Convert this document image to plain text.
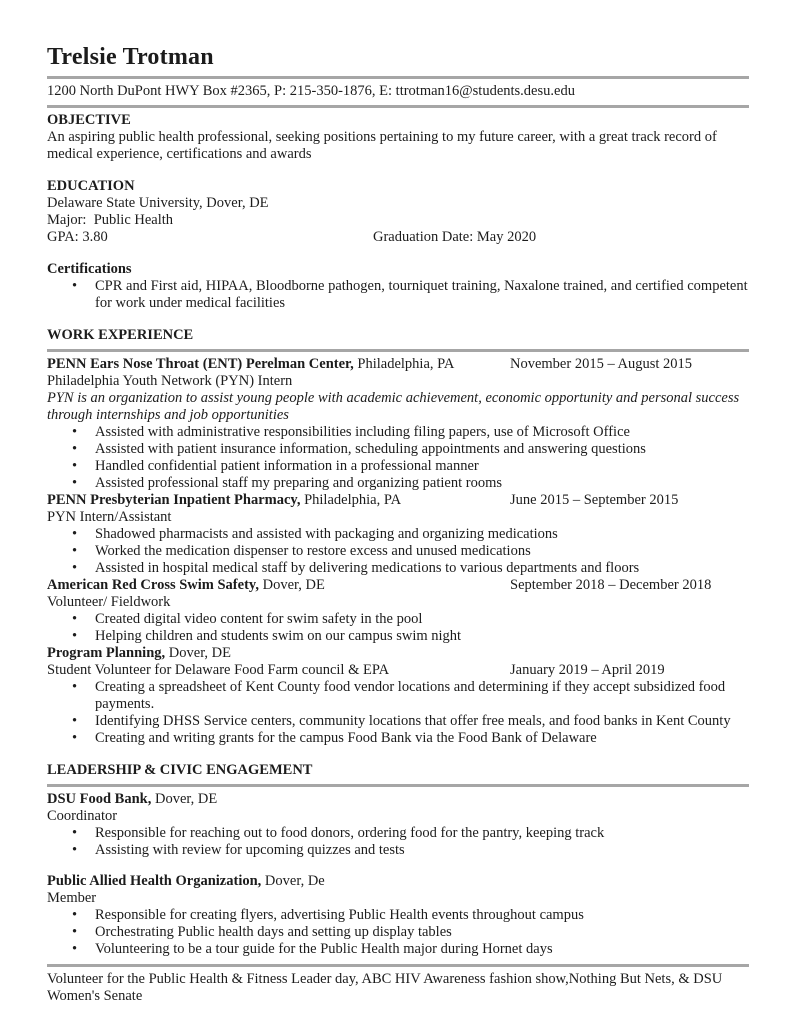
Trelsie Trotman
1200 North DuPont HWY Box #2365, P: 215-350-1876, E: ttrotman16@students.desu.edu
OBJECTIVE

An aspiring public health professional, seeking positions pertaining to my future career, with a great track record of medical experience, certifications and awards

EDUCATION
Delaware State University, Dover, DE
Major:  Public Health
GPA: 3.80	Graduation Date: May 2020
Certifications
• CPR and First aid, HIPAA, Bloodborne pathogen, tourniquet training, Naxalone trained, and certified competent for work under medical facilities
WORK EXPERIENCE
PENN Ears Nose Throat (ENT) Perelman Center, Philadelphia, PA	November 2015 – August 2015
Philadelphia Youth Network (PYN) Intern

PYN is an organization to assist young people with academic achievement, economic opportunity and personal success through internships and job opportunities

• Assisted with administrative responsibilities including filing papers, use of Microsoft Office
• Assisted with patient insurance information, scheduling appointments and answering questions
• Handled confidential patient information in a professional manner
• Assisted professional staff my preparing and organizing patient rooms
PENN Presbyterian Inpatient Pharmacy, Philadelphia, PA	June 2015 – September 2015
PYN Intern/Assistant
• Shadowed pharmacists and assisted with packaging and organizing medications
• Worked the medication dispenser to restore excess and unused medications
• Assisted in hospital medical staff by delivering medications to various departments and floors
American Red Cross Swim Safety, Dover, DE	September 2018 – December 2018
Volunteer/ Fieldwork
• Created digital video content for swim safety in the pool
• Helping children and students swim on our campus swim night
Program Planning, Dover, DE
Student Volunteer for Delaware Food Farm council & EPA	January 2019 – April 2019
• Creating a spreadsheet of Kent County food vendor locations and determining if they accept subsidized food payments.
• Identifying DHSS Service centers, community locations that offer free meals, and food banks in Kent County
• Creating and writing grants for the campus Food Bank via the Food Bank of Delaware
LEADERSHIP & CIVIC ENGAGEMENT
DSU Food Bank, Dover, DE
Coordinator
• Responsible for reaching out to food donors, ordering food for the pantry, keeping track
• Assisting with review for upcoming quizzes and tests
Public Allied Health Organization, Dover, De
Member
• Responsible for creating flyers, advertising Public Health events throughout campus
• Orchestrating Public health days and setting up display tables
• Volunteering to be a tour guide for the Public Health major during Hornet days

Volunteer for the Public Health & Fitness Leader day, ABC HIV Awareness fashion show,Nothing But Nets, & DSU Women's Senate
